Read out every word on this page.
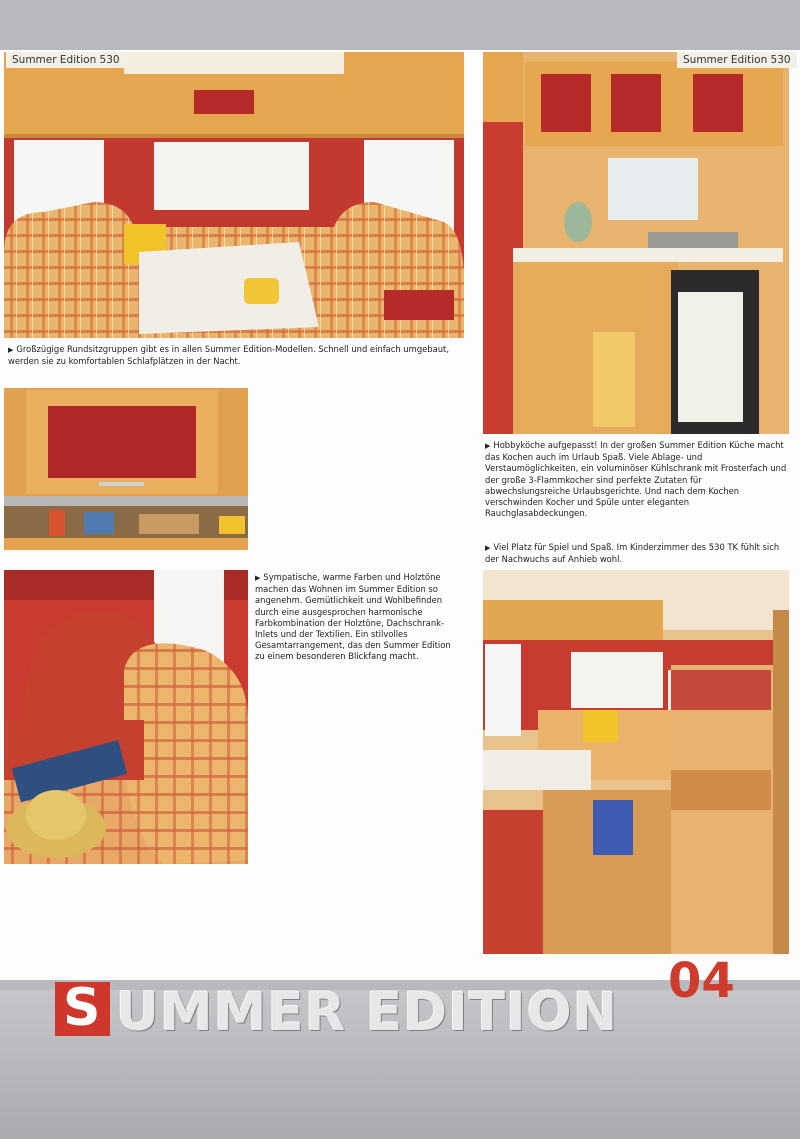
Summer Edition 530
▶ Großzügige Rundsitzgruppen gibt es in allen Summer Edition-Modellen. Schnell und einfach umgebaut, werden sie zu komfortablen Schlafplätzen in der Nacht.
Summer Edition 530
▶ Hobbyköche aufgepasst! In der großen Summer Edition Küche macht das Kochen auch im Urlaub Spaß. Viele Ablage- und Verstaumöglichkeiten, ein voluminöser Kühlschrank mit Frosterfach und der große 3-Flammkocher sind perfekte Zutaten für abwechslungsreiche Urlaubsgerichte. Und nach dem Kochen verschwinden Kocher und Spüle unter eleganten Rauchglasabdeckungen.
▶ Viel Platz für Spiel und Spaß. Im Kinderzimmer des 530 TK fühlt sich der Nachwuchs auf Anhieb wohl.
▶ Sympatische, warme Farben und Holztöne machen das Wohnen im Summer Edition so angenehm. Gemütlichkeit und Wohlbefinden durch eine ausgesprochen harmonische Farbkombination der Holztöne, Dachschrank-Inlets und der Textilien. Ein stilvolles Gesamtarrangement, das den Summer Edition zu einem besonderen Blickfang macht.
S UMMER EDITION
04
